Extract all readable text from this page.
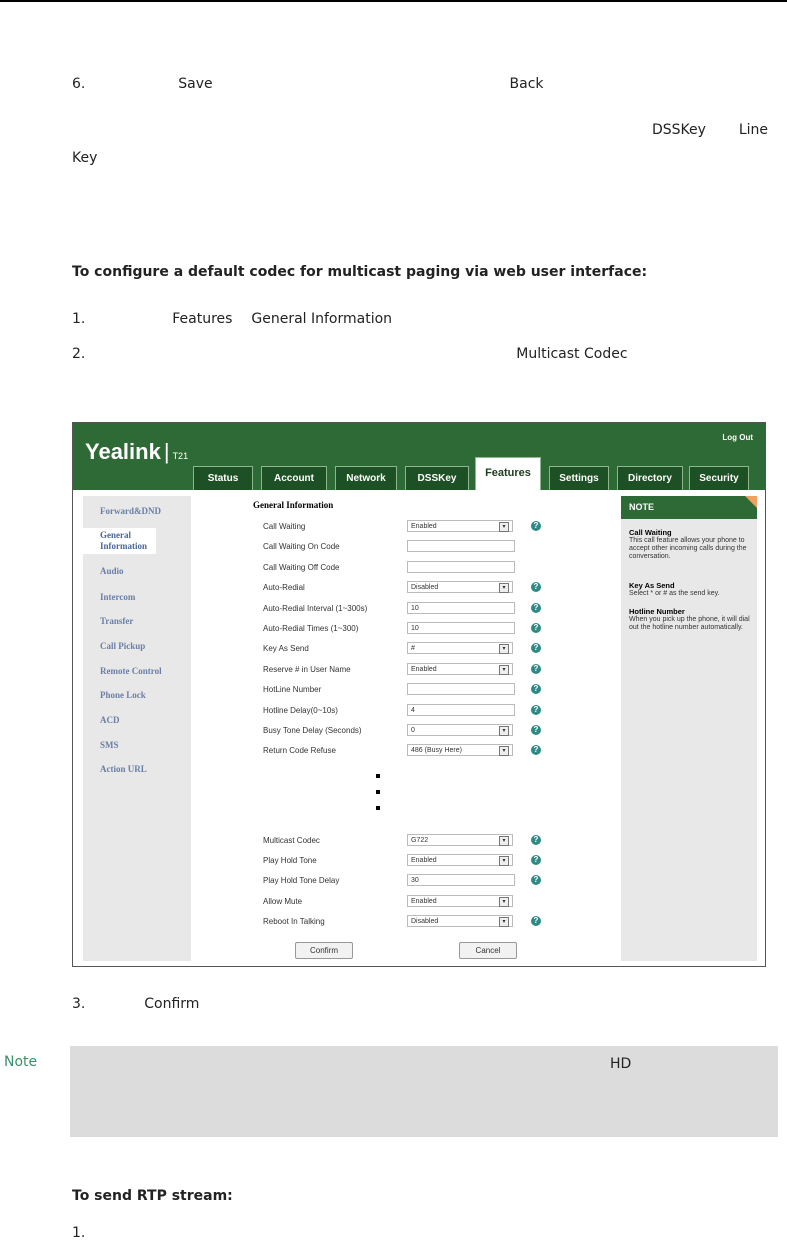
6.	Save	Back
DSSKey Line
Key
To configure a default codec for multicast paging via web user interface:
1.	Features General Information
2.	Multicast Codec
Yealink | T21
Log Out
Status	Account	Network	DSSKey	Features	Settings	Directory	Security
Forward&DND
General Information
Audio
Intercom
Transfer
Call Pickup
Remote Control
Phone Lock
ACD
SMS
Action URL
General Information
Call Waiting	Enabled	▾	?
Call Waiting On Code
Call Waiting Off Code
Auto-Redial	Disabled	▾	?
Auto-Redial Interval (1~300s)	10	?
Auto-Redial Times (1~300)	10	?
Key As Send	#	▾	?
Reserve # in User Name	Enabled	▾	?
HotLine Number	?
Hotline Delay(0~10s)	4	?
Busy Tone Delay (Seconds)	0	▾	?
Return Code Refuse	486 (Busy Here)	▾	?
Multicast Codec	G722	▾	?
Play Hold Tone	Enabled	▾	?
Play Hold Tone Delay	30	?
Allow Mute	Enabled	▾
Reboot In Talking	Disabled	▾	?
Confirm	Cancel
NOTE
Call Waiting
This call feature allows your phone to accept other incoming calls during the conversation.
Key As Send
Select * or # as the send key.
Hotline Number
When you pick up the phone, it will dial out the hotline number automatically.
3.	Confirm
Note	HD
To send RTP stream:
1.
